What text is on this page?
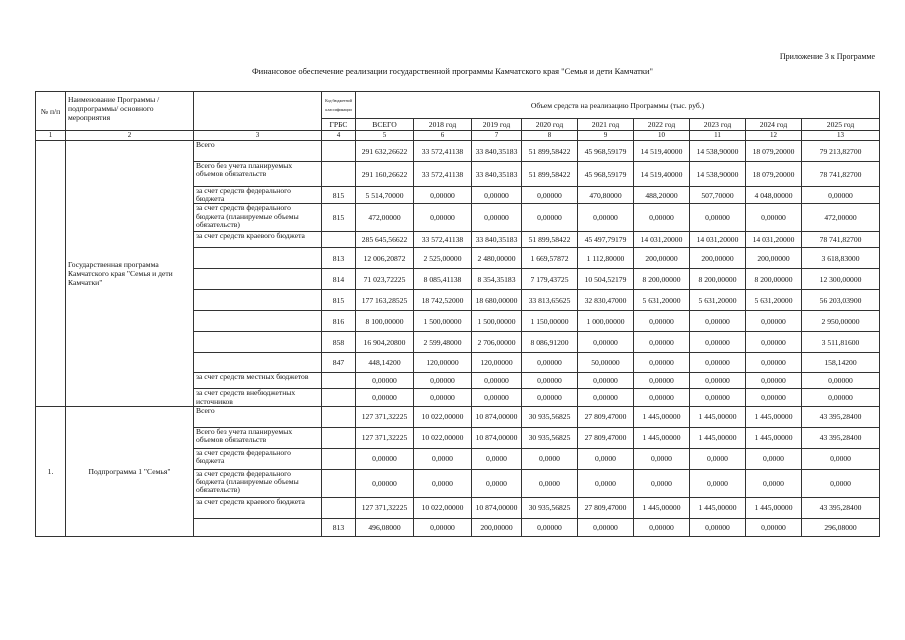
Приложение 3 к Программе
Финансовое обеспечение реализации государственной программы Камчатского края "Семья и дети Камчатки"
№ п/п	Наименование Программы /подпрограммы/ основного мероприятия		Код бюджетной классификации	Объем средств на реализацию Программы (тыс. руб.)								
			ГРБС	ВСЕГО	2018 год	2019 год	2020 год	2021 год	2022 год	2023 год	2024 год	2025 год
1	2	3	4	5	6	7	8	9	10	11	12	13
	Государственная программа Камчатского края "Семья и дети Камчатки"	Всего		291 632,26622	33 572,41138	33 840,35183	51 899,58422	45 968,59179	14 519,40000	14 538,90000	18 079,20000	79 213,82700
		Всего без учета планируемых объемов обязательств		291 160,26622	33 572,41138	33 840,35183	51 899,58422	45 968,59179	14 519,40000	14 538,90000	18 079,20000	78 741,82700
		за счет средств федерального бюджета	815	5 514,70000	0,00000	0,00000	0,00000	470,80000	488,20000	507,70000	4 048,00000	0,00000
		за счет средств федерального бюджета (планируемые объемы обязательств)	815	472,00000	0,00000	0,00000	0,00000	0,00000	0,00000	0,00000	0,00000	472,00000
		за счет средств краевого бюджета		285 645,56622	33 572,41138	33 840,35183	51 899,58422	45 497,79179	14 031,20000	14 031,20000	14 031,20000	78 741,82700
			813	12 006,20872	2 525,00000	2 480,00000	1 669,57872	1 112,80000	200,00000	200,00000	200,00000	3 618,83000
			814	71 023,72225	8 085,41138	8 354,35183	7 179,43725	10 504,52179	8 200,00000	8 200,00000	8 200,00000	12 300,00000
			815	177 163,28525	18 742,52000	18 680,00000	33 813,65625	32 830,47000	5 631,20000	5 631,20000	5 631,20000	56 203,03900
			816	8 100,00000	1 500,00000	1 500,00000	1 150,00000	1 000,00000	0,00000	0,00000	0,00000	2 950,00000
			858	16 904,20800	2 599,48000	2 706,00000	8 086,91200	0,00000	0,00000	0,00000	0,00000	3 511,81600
			847	448,14200	120,00000	120,00000	0,00000	50,00000	0,00000	0,00000	0,00000	158,14200
		за счет средств местных бюджетов		0,00000	0,00000	0,00000	0,00000	0,00000	0,00000	0,00000	0,00000	0,00000
		за счет средств внебюджетных источников		0,00000	0,00000	0,00000	0,00000	0,00000	0,00000	0,00000	0,00000	0,00000
1.	Подпрограмма 1 "Семья"	Всего		127 371,32225	10 022,00000	10 874,00000	30 935,56825	27 809,47000	1 445,00000	1 445,00000	1 445,00000	43 395,28400
		Всего без учета планируемых объемов обязательств		127 371,32225	10 022,00000	10 874,00000	30 935,56825	27 809,47000	1 445,00000	1 445,00000	1 445,00000	43 395,28400
		за счет средств федерального бюджета		0,00000	0,0000	0,0000	0,0000	0,0000	0,0000	0,0000	0,0000	0,0000
		за счет средств федерального бюджета (планируемые объемы обязательств)		0,00000	0,0000	0,0000	0,0000	0,0000	0,0000	0,0000	0,0000	0,0000
		за счет средств краевого бюджета		127 371,32225	10 022,00000	10 874,00000	30 935,56825	27 809,47000	1 445,00000	1 445,00000	1 445,00000	43 395,28400
			813	496,08000	0,00000	200,00000	0,00000	0,00000	0,00000	0,00000	0,00000	296,08000
